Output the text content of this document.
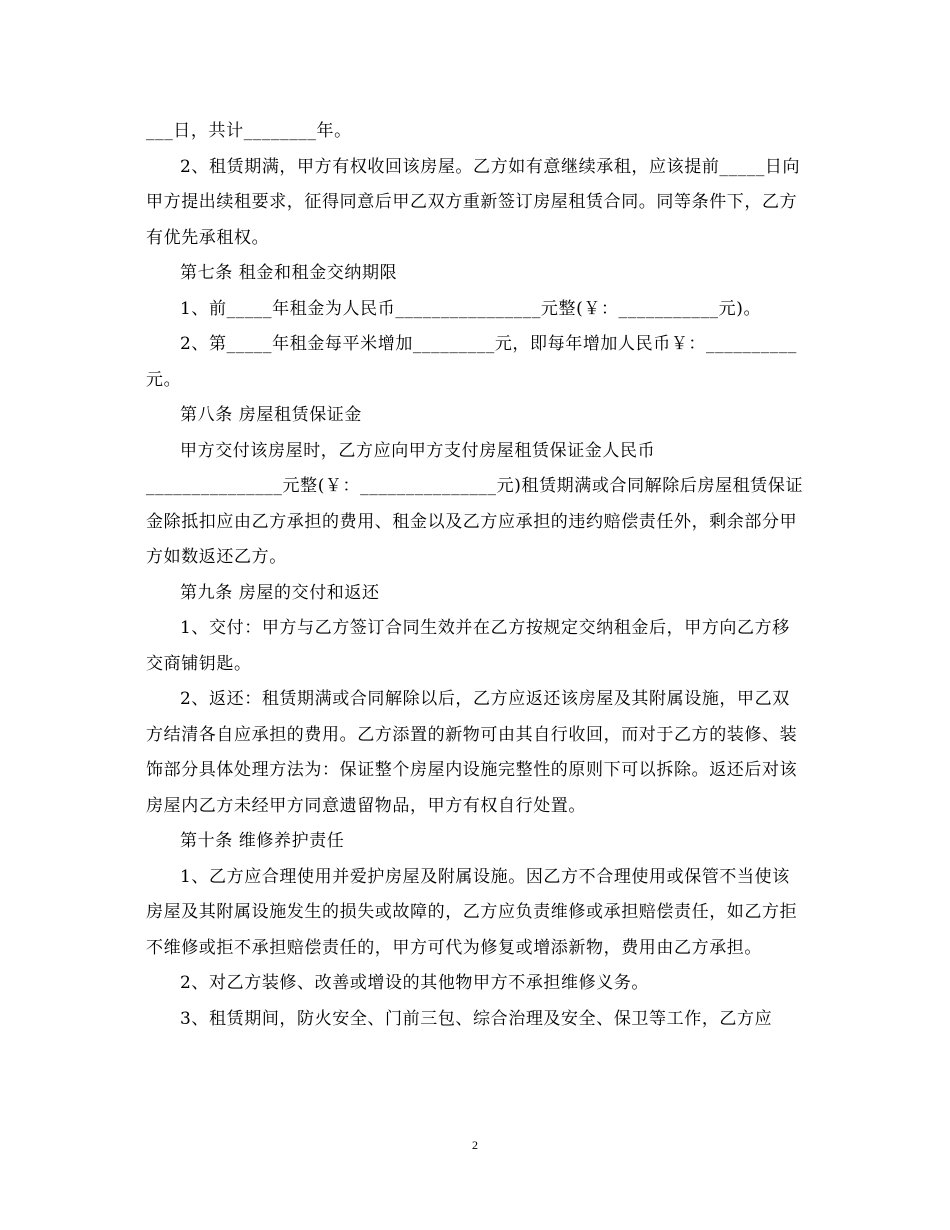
___日，共计________年。

2、租赁期满，甲方有权收回该房屋。乙方如有意继续承租，应该提前_____日向甲方提出续租要求，征得同意后甲乙双方重新签订房屋租赁合同。同等条件下，乙方有优先承租权。

第七条 租金和租金交纳期限

1、前_____年租金为人民币________________元整(￥：___________元)。

2、第_____年租金每平米增加_________元，即每年增加人民币￥：__________元。

第八条 房屋租赁保证金

甲方交付该房屋时，乙方应向甲方支付房屋租赁保证金人民币

_______________元整(￥：_______________元)租赁期满或合同解除后房屋租赁保证金除抵扣应由乙方承担的费用、租金以及乙方应承担的违约赔偿责任外，剩余部分甲方如数返还乙方。

第九条 房屋的交付和返还

1、交付：甲方与乙方签订合同生效并在乙方按规定交纳租金后，甲方向乙方移交商铺钥匙。

2、返还：租赁期满或合同解除以后，乙方应返还该房屋及其附属设施，甲乙双方结清各自应承担的费用。乙方添置的新物可由其自行收回，而对于乙方的装修、装饰部分具体处理方法为：保证整个房屋内设施完整性的原则下可以拆除。返还后对该房屋内乙方未经甲方同意遗留物品，甲方有权自行处置。

第十条 维修养护责任

1、乙方应合理使用并爱护房屋及附属设施。因乙方不合理使用或保管不当使该房屋及其附属设施发生的损失或故障的，乙方应负责维修或承担赔偿责任，如乙方拒不维修或拒不承担赔偿责任的，甲方可代为修复或增添新物，费用由乙方承担。

2、对乙方装修、改善或增设的其他物甲方不承担维修义务。

3、租赁期间，防火安全、门前三包、综合治理及安全、保卫等工作，乙方应

2
